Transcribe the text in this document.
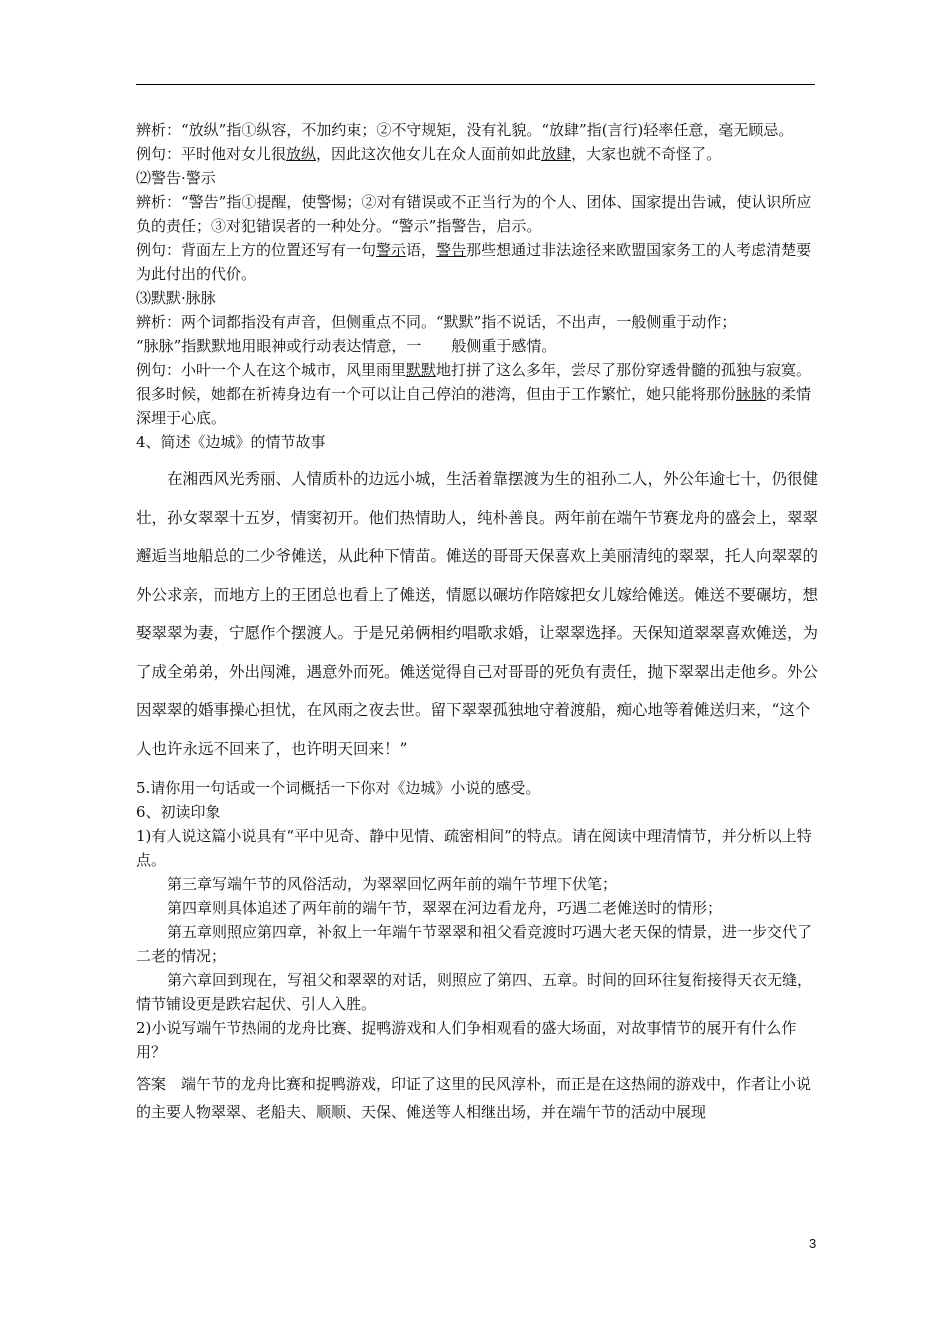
辨析：“放纵”指①纵容，不加约束；②不守规矩，没有礼貌。“放肆”指(言行)轻率任意，毫无顾忌。

例句：平时他对女儿很放纵，因此这次他女儿在众人面前如此放肆，大家也就不奇怪了。

⑵警告·警示

辨析：“警告”指①提醒，使警惕；②对有错误或不正当行为的个人、团体、国家提出告诫，使认识所应负的责任；③对犯错误者的一种处分。“警示”指警告，启示。

例句：背面左上方的位置还写有一句警示语，警告那些想通过非法途径来欧盟国家务工的人考虑清楚要为此付出的代价。

⑶默默·脉脉

辨析：两个词都指没有声音，但侧重点不同。“默默”指不说话，不出声，一般侧重于动作；

“脉脉”指默默地用眼神或行动表达情意，一　　般侧重于感情。

例句：小叶一个人在这个城市，风里雨里默默地打拼了这么多年，尝尽了那份穿透骨髓的孤独与寂寞。很多时候，她都在祈祷身边有一个可以让自己停泊的港湾，但由于工作繁忙，她只能将那份脉脉的柔情深埋于心底。

4、简述《边城》的情节故事

在湘西风光秀丽、人情质朴的边远小城，生活着靠摆渡为生的祖孙二人，外公年逾七十，仍很健壮，孙女翠翠十五岁，情窦初开。他们热情助人，纯朴善良。两年前在端午节赛龙舟的盛会上，翠翠邂逅当地船总的二少爷傩送，从此种下情苗。傩送的哥哥天保喜欢上美丽清纯的翠翠，托人向翠翠的外公求亲，而地方上的王团总也看上了傩送，情愿以碾坊作陪嫁把女儿嫁给傩送。傩送不要碾坊，想娶翠翠为妻，宁愿作个摆渡人。于是兄弟俩相约唱歌求婚，让翠翠选择。天保知道翠翠喜欢傩送，为了成全弟弟，外出闯滩，遇意外而死。傩送觉得自己对哥哥的死负有责任，抛下翠翠出走他乡。外公因翠翠的婚事操心担忧，在风雨之夜去世。留下翠翠孤独地守着渡船，痴心地等着傩送归来，“这个人也许永远不回来了，也许明天回来！”

5.请你用一句话或一个词概括一下你对《边城》小说的感受。

6、初读印象

1)有人说这篇小说具有“平中见奇、静中见情、疏密相间”的特点。请在阅读中理清情节，并分析以上特点。

第三章写端午节的风俗活动，为翠翠回忆两年前的端午节埋下伏笔；

第四章则具体追述了两年前的端午节，翠翠在河边看龙舟，巧遇二老傩送时的情形；

第五章则照应第四章，补叙上一年端午节翠翠和祖父看竞渡时巧遇大老天保的情景，进一步交代了二老的情况；

第六章回到现在，写祖父和翠翠的对话，则照应了第四、五章。时间的回环往复衔接得天衣无缝，情节铺设更是跌宕起伏、引人入胜。

2)小说写端午节热闹的龙舟比赛、捉鸭游戏和人们争相观看的盛大场面，对故事情节的展开有什么作用？

答案　端午节的龙舟比赛和捉鸭游戏，印证了这里的民风淳朴，而正是在这热闹的游戏中，作者让小说的主要人物翠翠、老船夫、顺顺、天保、傩送等人相继出场，并在端午节的活动中展现

3
